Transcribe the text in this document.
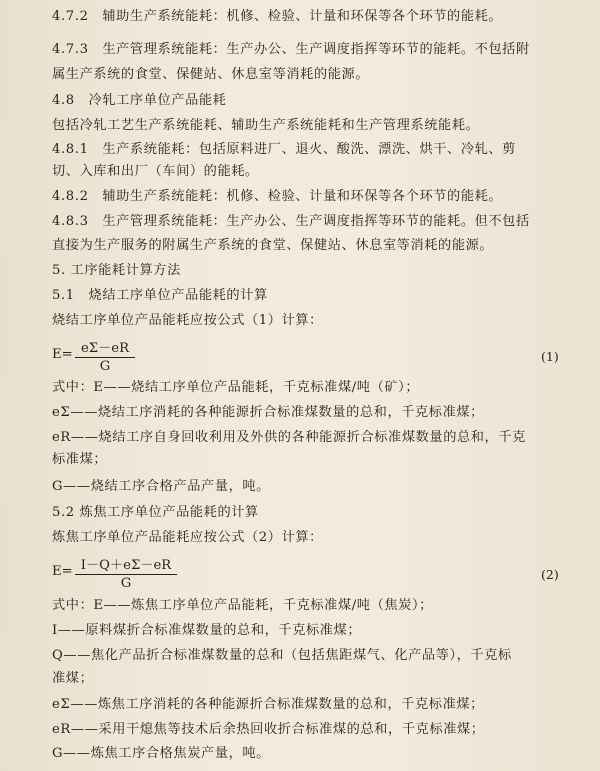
4.7.2　辅助生产系统能耗：机修、检验、计量和环保等各个环节的能耗。
4.7.3　生产管理系统能耗：生产办公、生产调度指挥等环节的能耗。不包括附
属生产系统的食堂、保健站、休息室等消耗的能源。
4.8　冷轧工序单位产品能耗
包括冷轧工艺生产系统能耗、辅助生产系统能耗和生产管理系统能耗。
4.8.1　生产系统能耗：包括原料进厂、退火、酸洗、漂洗、烘干、冷轧、剪
切、入库和出厂（车间）的能耗。
4.8.2　辅助生产系统能耗：机修、检验、计量和环保等各个环节的能耗。
4.8.3　生产管理系统能耗：生产办公、生产调度指挥等环节的能耗。但不包括
直接为生产服务的附属生产系统的食堂、保健站、休息室等消耗的能源。
5. 工序能耗计算方法
5.1　烧结工序单位产品能耗的计算
烧结工序单位产品能耗应按公式（1）计算：
E= eΣ－eR
G
(1)
式中：E——烧结工序单位产品能耗，千克标准煤/吨（矿）；
eΣ——烧结工序消耗的各种能源折合标准煤数量的总和，千克标准煤；
eR——烧结工序自身回收利用及外供的各种能源折合标准煤数量的总和，千克
标准煤；
G——烧结工序合格产品产量，吨。
5.2 炼焦工序单位产品能耗的计算
炼焦工序单位产品能耗应按公式（2）计算：
E= I－Q＋eΣ－eR
G
(2)
式中：E——炼焦工序单位产品能耗，千克标准煤/吨（焦炭）；
I——原料煤折合标准煤数量的总和，千克标准煤；
Q——焦化产品折合标准煤数量的总和（包括焦距煤气、化产品等），千克标
准煤；
eΣ——炼焦工序消耗的各种能源折合标准煤数量的总和，千克标准煤；
eR——采用干熄焦等技术后余热回收折合标准煤的总和，千克标准煤；
G——炼焦工序合格焦炭产量，吨。
